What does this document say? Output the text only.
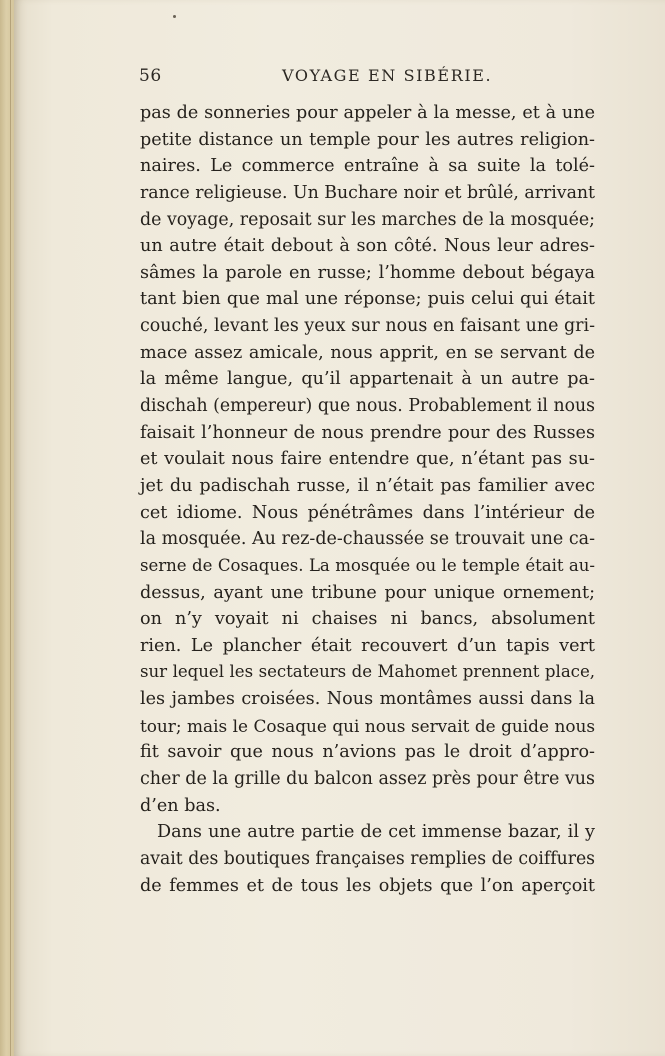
56	VOYAGE EN SIBÉRIE.
pas de sonneries pour appeler à la messe, et à une
petite distance un temple pour les autres religion-
naires. Le commerce entraîne à sa suite la tolé-
rance religieuse. Un Buchare noir et brûlé, arrivant
de voyage, reposait sur les marches de la mosquée;
un autre était debout à son côté. Nous leur adres-
sâmes la parole en russe; l’homme debout bégaya
tant bien que mal une réponse; puis celui qui était
couché, levant les yeux sur nous en faisant une gri-
mace assez amicale, nous apprit, en se servant de
la même langue, qu’il appartenait à un autre pa-
dischah (empereur) que nous. Probablement il nous
faisait l’honneur de nous prendre pour des Russes
et voulait nous faire entendre que, n’étant pas su-
jet du padischah russe, il n’était pas familier avec
cet idiome. Nous pénétrâmes dans l’intérieur de
la mosquée. Au rez-de-chaussée se trouvait une ca-
serne de Cosaques. La mosquée ou le temple était au-
dessus, ayant une tribune pour unique ornement;
on n’y voyait ni chaises ni bancs, absolument
rien. Le plancher était recouvert d’un tapis vert
sur lequel les sectateurs de Mahomet prennent place,
les jambes croisées. Nous montâmes aussi dans la
tour; mais le Cosaque qui nous servait de guide nous
fit savoir que nous n’avions pas le droit d’appro-
cher de la grille du balcon assez près pour être vus
d’en bas.
Dans une autre partie de cet immense bazar, il y
avait des boutiques françaises remplies de coiffures
de femmes et de tous les objets que l’on aperçoit
